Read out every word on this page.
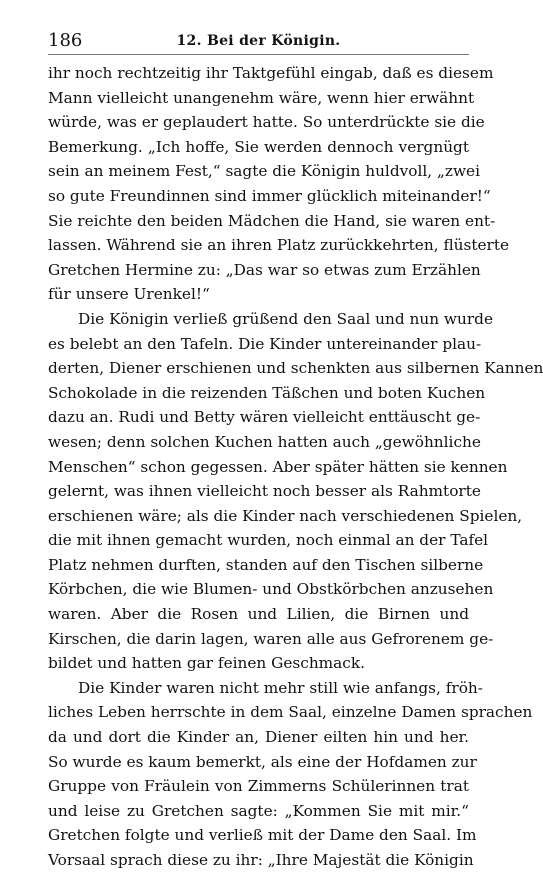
186	12. Bei der Königin.
ihr noch rechtzeitig ihr Taktgefühl eingab, daß es diesem
Mann vielleicht unangenehm wäre, wenn hier erwähnt
würde, was er geplaudert hatte. So unterdrückte sie die
Bemerkung. „Ich hoffe, Sie werden dennoch vergnügt
sein an meinem Fest,“ sagte die Königin huldvoll, „zwei
so gute Freundinnen sind immer glücklich miteinander!“
Sie reichte den beiden Mädchen die Hand, sie waren ent-
lassen. Während sie an ihren Platz zurückkehrten, flüsterte
Gretchen Hermine zu: „Das war so etwas zum Erzählen
für unsere Urenkel!“
Die Königin verließ grüßend den Saal und nun wurde
es belebt an den Tafeln. Die Kinder untereinander plau-
derten, Diener erschienen und schenkten aus silbernen Kannen
Schokolade in die reizenden Täßchen und boten Kuchen
dazu an. Rudi und Betty wären vielleicht enttäuscht ge-
wesen; denn solchen Kuchen hatten auch „gewöhnliche
Menschen“ schon gegessen. Aber später hätten sie kennen
gelernt, was ihnen vielleicht noch besser als Rahmtorte
erschienen wäre; als die Kinder nach verschiedenen Spielen,
die mit ihnen gemacht wurden, noch einmal an der Tafel
Platz nehmen durften, standen auf den Tischen silberne
Körbchen, die wie Blumen- und Obstkörbchen anzusehen
waren. Aber die Rosen und Lilien, die Birnen und
Kirschen, die darin lagen, waren alle aus Gefrorenem ge-
bildet und hatten gar feinen Geschmack.
Die Kinder waren nicht mehr still wie anfangs, fröh-
liches Leben herrschte in dem Saal, einzelne Damen sprachen
da und dort die Kinder an, Diener eilten hin und her.
So wurde es kaum bemerkt, als eine der Hofdamen zur
Gruppe von Fräulein von Zimmerns Schülerinnen trat
und leise zu Gretchen sagte: „Kommen Sie mit mir.“
Gretchen folgte und verließ mit der Dame den Saal. Im
Vorsaal sprach diese zu ihr: „Ihre Majestät die Königin
